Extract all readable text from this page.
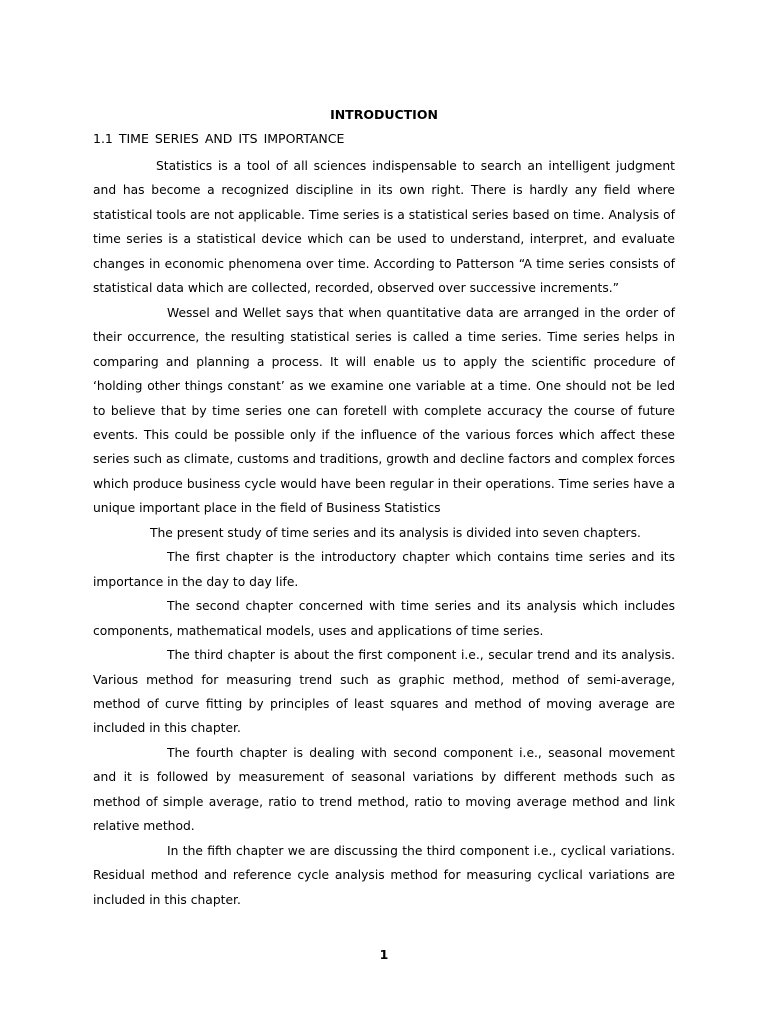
INTRODUCTION
1.1 TIME SERIES AND ITS IMPORTANCE

Statistics is a tool of all sciences indispensable to search an intelligent judgment and has become a recognized discipline in its own right. There is hardly any field where statistical tools are not applicable. Time series is a statistical series based on time. Analysis of time series is a statistical device which can be used to understand, interpret, and evaluate changes in economic phenomena over time. According to Patterson “A time series consists of statistical data which are collected, recorded, observed over successive increments.”

Wessel and Wellet says that when quantitative data are arranged in the order of their occurrence, the resulting statistical series is called a time series. Time series helps in comparing and planning a process. It will enable us to apply the scientific procedure of ‘holding other things constant’ as we examine one variable at a time. One should not be led to believe that by time series one can foretell with complete accuracy the course of future events. This could be possible only if the influence of the various forces which affect these series such as climate, customs and traditions, growth and decline factors and complex forces which produce business cycle would have been regular in their operations. Time series have a unique important place in the field of Business Statistics

The present study of time series and its analysis is divided into seven chapters.

The first chapter is the introductory chapter which contains time series and its importance in the day to day life.

The second chapter concerned with time series and its analysis which includes components, mathematical models, uses and applications of time series.

The third chapter is about the first component i.e., secular trend and its analysis. Various method for measuring trend such as graphic method, method of semi-average, method of curve fitting by principles of least squares and method of moving average are included in this chapter.

The fourth chapter is dealing with second component i.e., seasonal movement and it is followed by measurement of seasonal variations by different methods such as method of simple average, ratio to trend method, ratio to moving average method and link relative method.

In the fifth chapter we are discussing the third component i.e., cyclical variations. Residual method and reference cycle analysis method for measuring cyclical variations are included in this chapter.

1
